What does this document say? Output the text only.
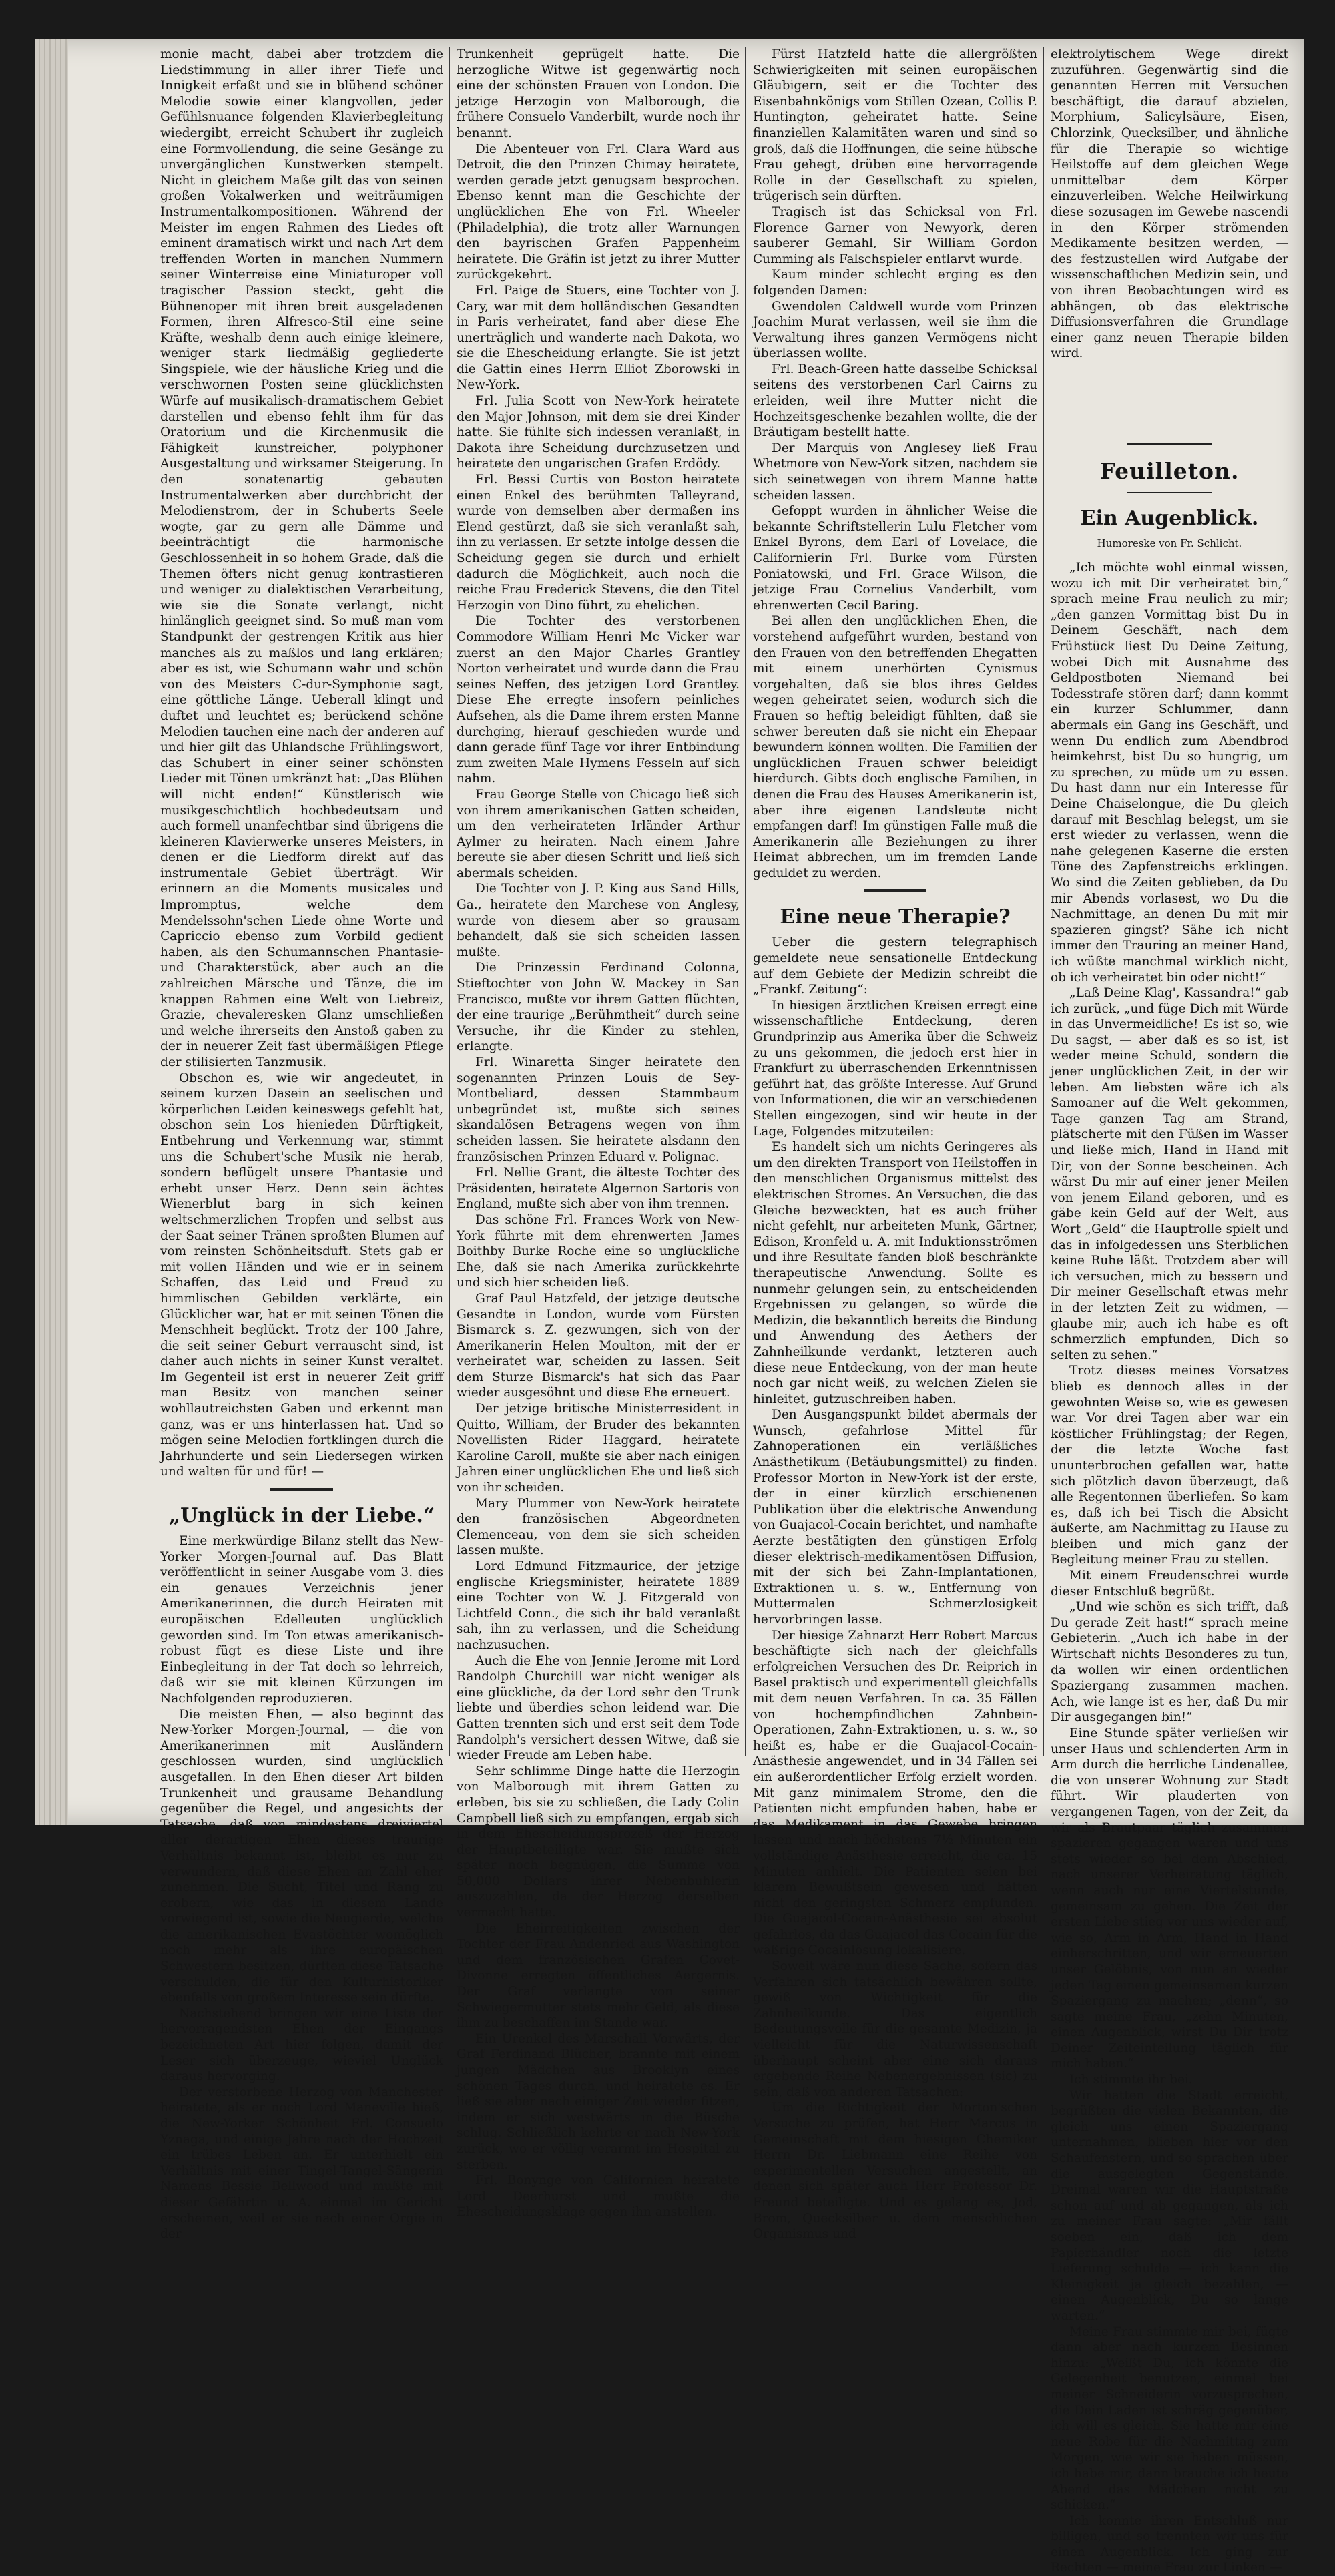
monie macht, dabei aber trotzdem die Liedstimmung in aller ihrer Tiefe und Innigkeit erfaßt und sie in blühend schöner Melodie sowie einer klangvollen, jeder Gefühlsnuance folgenden Klavierbegleitung wiedergibt, erreicht Schubert ihr zugleich eine Formvollendung, die seine Gesänge zu unvergänglichen Kunstwerken stempelt. Nicht in gleichem Maße gilt das von seinen großen Vokalwerken und weiträumigen Instrumentalkompositionen. Während der Meister im engen Rahmen des Liedes oft eminent dramatisch wirkt und nach Art dem treffenden Worten in manchen Nummern seiner Winterreise eine Miniaturoper voll tragischer Passion steckt, geht die Bühnenoper mit ihren breit ausgeladenen Formen, ihren Alfresco-Stil eine seine Kräfte, weshalb denn auch einige kleinere, weniger stark liedmäßig gegliederte Singspiele, wie der häusliche Krieg und die verschwornen Posten seine glücklichsten Würfe auf musikalisch-dramatischem Gebiet darstellen und ebenso fehlt ihm für das Oratorium und die Kirchenmusik die Fähigkeit kunstreicher, polyphoner Ausgestaltung und wirksamer Steigerung. In den sonatenartig gebauten Instrumentalwerken aber durchbricht der Melodienstrom, der in Schuberts Seele wogte, gar zu gern alle Dämme und beeinträchtigt die harmonische Geschlossenheit in so hohem Grade, daß die Themen öfters nicht genug kontrastieren und weniger zu dialektischen Verarbeitung, wie sie die Sonate verlangt, nicht hinlänglich geeignet sind. So muß man vom Standpunkt der gestrengen Kritik aus hier manches als zu maßlos und lang erklären; aber es ist, wie Schumann wahr und schön von des Meisters C-dur-Symphonie sagt, eine göttliche Länge. Ueberall klingt und duftet und leuchtet es; berückend schöne Melodien tauchen eine nach der anderen auf und hier gilt das Uhlandsche Frühlingswort, das Schubert in einer seiner schönsten Lieder mit Tönen umkränzt hat: „Das Blühen will nicht enden!“ Künstlerisch wie musikgeschichtlich hochbedeutsam und auch formell unanfechtbar sind übrigens die kleineren Klavierwerke unseres Meisters, in denen er die Liedform direkt auf das instrumentale Gebiet überträgt. Wir erinnern an die Moments musicales und Impromptus, welche dem Mendelssohn'schen Liede ohne Worte und Capriccio ebenso zum Vorbild gedient haben, als den Schumannschen Phantasie- und Charakterstück, aber auch an die zahlreichen Märsche und Tänze, die im knappen Rahmen eine Welt von Liebreiz, Grazie, chevaleresken Glanz umschließen und welche ihrerseits den Anstoß gaben zu der in neuerer Zeit fast übermäßigen Pflege der stilisierten Tanzmusik.

Obschon es, wie wir angedeutet, in seinem kurzen Dasein an seelischen und körperlichen Leiden keineswegs gefehlt hat, obschon sein Los hienieden Dürftigkeit, Entbehrung und Verkennung war, stimmt uns die Schubert'sche Musik nie herab, sondern beflügelt unsere Phantasie und erhebt unser Herz. Denn sein ächtes Wienerblut barg in sich keinen weltschmerzlichen Tropfen und selbst aus der Saat seiner Tränen sproßten Blumen auf vom reinsten Schönheitsduft. Stets gab er mit vollen Händen und wie er in seinem Schaffen, das Leid und Freud zu himmlischen Gebilden verklärte, ein Glücklicher war, hat er mit seinen Tönen die Menschheit beglückt. Trotz der 100 Jahre, die seit seiner Geburt verrauscht sind, ist daher auch nichts in seiner Kunst veraltet. Im Gegenteil ist erst in neuerer Zeit griff man Besitz von manchen seiner wohllautreichsten Gaben und erkennt man ganz, was er uns hinterlassen hat. Und so mögen seine Melodien fortklingen durch die Jahrhunderte und sein Liedersegen wirken und walten für und für! —

„Unglück in der Liebe.“

Eine merkwürdige Bilanz stellt das New-Yorker Morgen-Journal auf. Das Blatt veröffentlicht in seiner Ausgabe vom 3. dies ein genaues Verzeichnis jener Amerikanerinnen, die durch Heiraten mit europäischen Edelleuten unglücklich geworden sind. Im Ton etwas amerikanisch-robust fügt es diese Liste und ihre Einbegleitung in der Tat doch so lehrreich, daß wir sie mit kleinen Kürzungen im Nachfolgenden reproduzieren.

Die meisten Ehen, — also beginnt das New-Yorker Morgen-Journal, — die von Amerikanerinnen mit Ausländern geschlossen wurden, sind unglücklich ausgefallen. In den Ehen dieser Art bilden Trunkenheit und grausame Behandlung gegenüber die Regel, und angesichts der Tatsache, daß von mindestens dreiviertel aller derartigen Ehen dieses traurige Verhältnis bekannt ist, bleibt es nur zu verwundern, daß diese Ehen an Zahl eher zunehmen. Die Sucht, Titel und Rang zu erobern, wie das in diesem Lande vorwiegend ist, sowie die Neugierde, welche die amerikanischen Evastöchter womöglich noch mehr als ihre europäischen Schwestern besitzen, dürften diese Tatsache verschulden, die für den Kulturhistoriker ebenfalls von großem Interesse sein dürfte.

Nachstehend bringen wir eine Liste der hervorragendsten Ehen der Eingangs bezeichneten Art hier folgen, damit der Leser sich überzeuge, wieviel Unglück daraus hervorging.

Der verstorbene Herzog von Manchester heiratete, als er noch Lord Maneville hieß, die New-Yorker Schönheit Frl. Consuelo Yznaga, und einige Jahre nach der Hochzeit ein trübes Leben an. Er unterhielt ein Verhältnis mit einer Tingel-Tangel-Sängerin Namens Bessie Bellwood und mußte mit dieser Gefährtin u. A. einmal im Gericht erscheinen, weil er sie nach einer Orgie in der

Trunkenheit geprügelt hatte. Die herzogliche Witwe ist gegenwärtig noch eine der schönsten Frauen von London. Die jetzige Herzogin von Malborough, die frühere Consuelo Vanderbilt, wurde noch ihr benannt.

Die Abenteuer von Frl. Clara Ward aus Detroit, die den Prinzen Chimay heiratete, werden gerade jetzt genugsam besprochen. Ebenso kennt man die Geschichte der unglücklichen Ehe von Frl. Wheeler (Philadelphia), die trotz aller Warnungen den bayrischen Grafen Pappenheim heiratete. Die Gräfin ist jetzt zu ihrer Mutter zurückgekehrt.

Frl. Paige de Stuers, eine Tochter von J. Cary, war mit dem holländischen Gesandten in Paris verheiratet, fand aber diese Ehe unerträglich und wanderte nach Dakota, wo sie die Ehescheidung erlangte. Sie ist jetzt die Gattin eines Herrn Elliot Zborowski in New-York.

Frl. Julia Scott von New-York heiratete den Major Johnson, mit dem sie drei Kinder hatte. Sie fühlte sich indessen veranlaßt, in Dakota ihre Scheidung durchzusetzen und heiratete den ungarischen Grafen Erdödy.

Frl. Bessi Curtis von Boston heiratete einen Enkel des berühmten Talleyrand, wurde von demselben aber dermaßen ins Elend gestürzt, daß sie sich veranlaßt sah, ihn zu verlassen. Er setzte infolge dessen die Scheidung gegen sie durch und erhielt dadurch die Möglichkeit, auch noch die reiche Frau Frederick Stevens, die den Titel Herzogin von Dino führt, zu ehelichen.

Die Tochter des verstorbenen Commodore William Henri Mc Vicker war zuerst an den Major Charles Grantley Norton verheiratet und wurde dann die Frau seines Neffen, des jetzigen Lord Grantley. Diese Ehe erregte insofern peinliches Aufsehen, als die Dame ihrem ersten Manne durchging, hierauf geschieden wurde und dann gerade fünf Tage vor ihrer Entbindung zum zweiten Male Hymens Fesseln auf sich nahm.

Frau George Stelle von Chicago ließ sich von ihrem amerikanischen Gatten scheiden, um den verheirateten Irländer Arthur Aylmer zu heiraten. Nach einem Jahre bereute sie aber diesen Schritt und ließ sich abermals scheiden.

Die Tochter von J. P. King aus Sand Hills, Ga., heiratete den Marchese von Anglesy, wurde von diesem aber so grausam behandelt, daß sie sich scheiden lassen mußte.

Die Prinzessin Ferdinand Colonna, Stieftochter von John W. Mackey in San Francisco, mußte vor ihrem Gatten flüchten, der eine traurige „Berühmtheit“ durch seine Versuche, ihr die Kinder zu stehlen, erlangte.

Frl. Winaretta Singer heiratete den sogenannten Prinzen Louis de Sey-Montbeliard, dessen Stammbaum unbegründet ist, mußte sich seines skandalösen Betragens wegen von ihm scheiden lassen. Sie heiratete alsdann den französischen Prinzen Eduard v. Polignac.

Frl. Nellie Grant, die älteste Tochter des Präsidenten, heiratete Algernon Sartoris von England, mußte sich aber von ihm trennen.

Das schöne Frl. Frances Work von New-York führte mit dem ehrenwerten James Boithby Burke Roche eine so unglückliche Ehe, daß sie nach Amerika zurückkehrte und sich hier scheiden ließ.

Graf Paul Hatzfeld, der jetzige deutsche Gesandte in London, wurde vom Fürsten Bismarck s. Z. gezwungen, sich von der Amerikanerin Helen Moulton, mit der er verheiratet war, scheiden zu lassen. Seit dem Sturze Bismarck's hat sich das Paar wieder ausgesöhnt und diese Ehe erneuert.

Der jetzige britische Ministerresident in Quitto, William, der Bruder des bekannten Novellisten Rider Haggard, heiratete Karoline Caroll, mußte sie aber nach einigen Jahren einer unglücklichen Ehe und ließ sich von ihr scheiden.

Mary Plummer von New-York heiratete den französischen Abgeordneten Clemenceau, von dem sie sich scheiden lassen mußte.

Lord Edmund Fitzmaurice, der jetzige englische Kriegsminister, heiratete 1889 eine Tochter von W. J. Fitzgerald von Lichtfeld Conn., die sich ihr bald veranlaßt sah, ihn zu verlassen, und die Scheidung nachzusuchen.

Auch die Ehe von Jennie Jerome mit Lord Randolph Churchill war nicht weniger als eine glückliche, da der Lord sehr den Trunk liebte und überdies schon leidend war. Die Gatten trennten sich und erst seit dem Tode Randolph's versichert dessen Witwe, daß sie wieder Freude am Leben habe.

Sehr schlimme Dinge hatte die Herzogin von Malborough mit ihrem Gatten zu erleben, bis sie zu schließen, die Lady Colin Campbell ließ sich zu empfangen, ergab sich in dem Ehescheidungsprozeß der Herzog der Hauptbeteiligte war. Sie mußte sich später noch begnügen, die Summe von 50,000 Dollars ihrer Nebenbuhlerin auszuzahlen, da der Herzog derselben vermacht hatte.

Die Eheirreitigkeiten zwischen der Tochter der Frau Andenried aus Washington und dem französischen Grafen Covet-Divonne erregten öffentliches Aergernis. Der Graf verlangte von seiner Schwiegermutter stets mehr Geld, als diese ihm zu beschaffen im Stande war.

Ein Urenkel des Marschall Vorwärts, der Graf Ferdinand Blücher, brannte mit einem jungen Mädchen aus Brooklyn eines schönen Tages durch, und heiratete es. Er ließ sie aber nach einiger Zeit wieder fitzen, indem er sich westwärts in die Büsche schlug. Schließlich kehrte er nach New-York zurück, wo er völlig verarmt im Hospital zu sterben.

Frl. Bonynge von Californien heiratete Lord Deerhurst und mußte die Ehescheidungsklage gegen ihn anstellen.

Fürst Hatzfeld hatte die allergrößten Schwierigkeiten mit seinen europäischen Gläubigern, seit er die Tochter des Eisenbahnkönigs vom Stillen Ozean, Collis P. Huntington, geheiratet hatte. Seine finanziellen Kalamitäten waren und sind so groß, daß die Hoffnungen, die seine hübsche Frau gehegt, drüben eine hervorragende Rolle in der Gesellschaft zu spielen, trügerisch sein dürften.

Tragisch ist das Schicksal von Frl. Florence Garner von Newyork, deren sauberer Gemahl, Sir William Gordon Cumming als Falschspieler entlarvt wurde.

Kaum minder schlecht erging es den folgenden Damen:

Gwendolen Caldwell wurde vom Prinzen Joachim Murat verlassen, weil sie ihm die Verwaltung ihres ganzen Vermögens nicht überlassen wollte.

Frl. Beach-Green hatte dasselbe Schicksal seitens des verstorbenen Carl Cairns zu erleiden, weil ihre Mutter nicht die Hochzeitsgeschenke bezahlen wollte, die der Bräutigam bestellt hatte.

Der Marquis von Anglesey ließ Frau Whetmore von New-York sitzen, nachdem sie sich seinetwegen von ihrem Manne hatte scheiden lassen.

Gefoppt wurden in ähnlicher Weise die bekannte Schriftstellerin Lulu Fletcher vom Enkel Byrons, dem Earl of Lovelace, die Californierin Frl. Burke vom Fürsten Poniatowski, und Frl. Grace Wilson, die jetzige Frau Cornelius Vanderbilt, vom ehrenwerten Cecil Baring.

Bei allen den unglücklichen Ehen, die vorstehend aufgeführt wurden, bestand von den Frauen von den betreffenden Ehegatten mit einem unerhörten Cynismus vorgehalten, daß sie blos ihres Geldes wegen geheiratet seien, wodurch sich die Frauen so heftig beleidigt fühlten, daß sie schwer bereuten daß sie nicht ein Ehepaar bewundern können wollten. Die Familien der unglücklichen Frauen schwer beleidigt hierdurch. Gibts doch englische Familien, in denen die Frau des Hauses Amerikanerin ist, aber ihre eigenen Landsleute nicht empfangen darf! Im günstigen Falle muß die Amerikanerin alle Beziehungen zu ihrer Heimat abbrechen, um im fremden Lande geduldet zu werden.

Eine neue Therapie?

Ueber die gestern telegraphisch gemeldete neue sensationelle Entdeckung auf dem Gebiete der Medizin schreibt die „Frankf. Zeitung“:

In hiesigen ärztlichen Kreisen erregt eine wissenschaftliche Entdeckung, deren Grundprinzip aus Amerika über die Schweiz zu uns gekommen, die jedoch erst hier in Frankfurt zu überraschenden Erkenntnissen geführt hat, das größte Interesse. Auf Grund von Informationen, die wir an verschiedenen Stellen eingezogen, sind wir heute in der Lage, Folgendes mitzuteilen:

Es handelt sich um nichts Geringeres als um den direkten Transport von Heilstoffen in den menschlichen Organismus mittelst des elektrischen Stromes. An Versuchen, die das Gleiche bezweckten, hat es auch früher nicht gefehlt, nur arbeiteten Munk, Gärtner, Edison, Kronfeld u. A. mit Induktionsströmen und ihre Resultate fanden bloß beschränkte therapeutische Anwendung. Sollte es nunmehr gelungen sein, zu entscheidenden Ergebnissen zu gelangen, so würde die Medizin, die bekanntlich bereits die Bindung und Anwendung des Aethers der Zahnheilkunde verdankt, letzteren auch diese neue Entdeckung, von der man heute noch gar nicht weiß, zu welchen Zielen sie hinleitet, gutzuschreiben haben.

Den Ausgangspunkt bildet abermals der Wunsch, gefahrlose Mittel für Zahnoperationen ein verläßliches Anästhetikum (Betäubungsmittel) zu finden. Professor Morton in New-York ist der erste, der in einer kürzlich erschienenen Publikation über die elektrische Anwendung von Guajacol-Cocain berichtet, und namhafte Aerzte bestätigten den günstigen Erfolg dieser elektrisch-medikamentösen Diffusion, mit der sich bei Zahn-Implantationen, Extraktionen u. s. w., Entfernung von Muttermalen Schmerzlosigkeit hervorbringen lasse.

Der hiesige Zahnarzt Herr Robert Marcus beschäftigte sich nach der gleichfalls erfolgreichen Versuchen des Dr. Reiprich in Basel praktisch und experimentell gleichfalls mit dem neuen Verfahren. In ca. 35 Fällen von hochempfindlichen Zahnbein-Operationen, Zahn-Extraktionen, u. s. w., so heißt es, habe er die Guajacol-Cocain-Anästhesie angewendet, und in 34 Fällen sei ein außerordentlicher Erfolg erzielt worden. Mit ganz minimalem Strome, den die Patienten nicht empfunden haben, habe er das Medikament in das Gewebe bringen lassen und nach höchstens 7½ Minuten ein vollständige Anästhesie erreicht, die ca. 15 Minuten anhielt. Die Patienten seien bei klarem Bewußtsein gewesen und hätten nicht den geringsten Schmerz empfunden. Die Guajacol-Cocain-Anästhesie sei absolut gefahrlos, da das Guajacol das Cocain für die wäßrige Cocainlösung lokalisiere.

Soweit wäre nun diese Sache, sofern das Verfahren sich tatsächlich bewähren sollte, gewiß von Wichtigkeit für die Zahnheilkunde. Das eigentlich Bedeutungsvolle für die gesamte Medizin, ja vielleicht für die Naturwissenschaft überhaupt scheint aber eine sich daraus ergebende Reihe Nebenergebnissen (sic) zu sein, daß von anderen Tatsachen:

Um die Richtigkeit der Morton'schen Versuche zu prüfen, hat Herr Marcus in Gemeinschaft mit dem hiesigen Chemiker Herrn Dr. Liebmann eine Reihe von experimentellen Versuchen angestellt, an denen sich später auch Herr Professor Dr. Freund beteiligte. Und es gelang es, Jod, Brom, Quecksilber u. dem menschlichen Organismus und

elektrolytischem Wege direkt zuzuführen. Gegenwärtig sind die genannten Herren mit Versuchen beschäftigt, die darauf abzielen, Morphium, Salicylsäure, Eisen, Chlorzink, Quecksilber, und ähnliche für die Therapie so wichtige Heilstoffe auf dem gleichen Wege unmittelbar dem Körper einzuverleiben. Welche Heilwirkung diese sozusagen im Gewebe nascendi in den Körper strömenden Medikamente besitzen werden, — des festzustellen wird Aufgabe der wissenschaftlichen Medizin sein, und von ihren Beobachtungen wird es abhängen, ob das elektrische Diffusionsverfahren die Grundlage einer ganz neuen Therapie bilden wird.

Feuilleton.
Ein Augenblick.
Humoreske von Fr. Schlicht.

„Ich möchte wohl einmal wissen, wozu ich mit Dir verheiratet bin,“ sprach meine Frau neulich zu mir; „den ganzen Vormittag bist Du in Deinem Geschäft, nach dem Frühstück liest Du Deine Zeitung, wobei Dich mit Ausnahme des Geldpostboten Niemand bei Todesstrafe stören darf; dann kommt ein kurzer Schlummer, dann abermals ein Gang ins Geschäft, und wenn Du endlich zum Abendbrod heimkehrst, bist Du so hungrig, um zu sprechen, zu müde um zu essen. Du hast dann nur ein Interesse für Deine Chaiselongue, die Du gleich darauf mit Beschlag belegst, um sie erst wieder zu verlassen, wenn die nahe gelegenen Kaserne die ersten Töne des Zapfenstreichs erklingen. Wo sind die Zeiten geblieben, da Du mir Abends vorlasest, wo Du die Nachmittage, an denen Du mit mir spazieren gingst? Sähe ich nicht immer den Trauring an meiner Hand, ich wüßte manchmal wirklich nicht, ob ich verheiratet bin oder nicht!“

„Laß Deine Klag', Kassandra!“ gab ich zurück, „und füge Dich mit Würde in das Unvermeidliche! Es ist so, wie Du sagst, — aber daß es so ist, ist weder meine Schuld, sondern die jener unglücklichen Zeit, in der wir leben. Am liebsten wäre ich als Samoaner auf die Welt gekommen, Tage ganzen Tag am Strand, plätscherte mit den Füßen im Wasser und ließe mich, Hand in Hand mit Dir, von der Sonne bescheinen. Ach wärst Du mir auf einer jener Meilen von jenem Eiland geboren, und es gäbe kein Geld auf der Welt, aus Wort „Geld“ die Hauptrolle spielt und das in infolgedessen uns Sterblichen keine Ruhe läßt. Trotzdem aber will ich versuchen, mich zu bessern und Dir meiner Gesellschaft etwas mehr in der letzten Zeit zu widmen, — glaube mir, auch ich habe es oft schmerzlich empfunden, Dich so selten zu sehen.“

Trotz dieses meines Vorsatzes blieb es dennoch alles in der gewohnten Weise so, wie es gewesen war. Vor drei Tagen aber war ein köstlicher Frühlingstag; der Regen, der die letzte Woche fast ununterbrochen gefallen war, hatte sich plötzlich davon überzeugt, daß alle Regentonnen überliefen. So kam es, daß ich bei Tisch die Absicht äußerte, am Nachmittag zu Hause zu bleiben und mich ganz der Begleitung meiner Frau zu stellen.

Mit einem Freudenschrei wurde dieser Entschluß begrüßt.

„Und wie schön es sich trifft, daß Du gerade Zeit hast!“ sprach meine Gebieterin. „Auch ich habe in der Wirtschaft nichts Besonderes zu tun, da wollen wir einen ordentlichen Spaziergang zusammen machen. Ach, wie lange ist es her, daß Du mir Dir ausgegangen bin!“

Eine Stunde später verließen wir unser Haus und schlenderten Arm in Arm durch die herrliche Lindenallee, die von unserer Wohnung zur Stadt führt. Wir plauderten von vergangenen Tagen, von der Zeit, da wir als Brautpaar täglich zusammen spazieren gegangen waren und uns stets wieder so bei dem Abschied, nach unserer Verheiratung täglich, wenn auch nur eine Viertelstunde, gemeinsam zu gehen. Die Zeit der ersten Liebe stieg vor uns wieder auf, wie so, Arm in Arm, Hand in Hand einherschritten, und wir erneuerten unser Gelöbnis, von nun an wieder jeden Tag einen gemeinsamen kurzen Spaziergang zu machen; „denn“, so sagte meine Frau, „zehn Minuten, einen Augenblick, wirst Du Dir trotz Deiner Zeiteinteilung täglich für mich haben.“

Ich stimmte ihr bei.

Wir hatten die Stadt erreicht, begrüßten die vielen Bekannten, die gleich uns einen Spaziergang unternahmen, blieben hier vor den Schaufenstern, und so sprachen über die ausgelegten Gegenstände. Dreimal waren wir die Hauptstraße schon auf und ab gegangen, als ich zu meiner Frau sagte: „Mir fällt soeben ein, daß ich dem Papierhändler noch die letzte Lieferung schulde — ich kann die Kleinigkeit ja gleich bezahlen, — einen Augenblick, Du so lange warten.“

Meine Frau stimmte mir bei, fügte dann aber nach kurzem Besinnen hinzu: „Weißt Du, ich könnte die Gelegenheit benutzen, einmal bei meiner Schneiderin vorzusprechen, die Dein Laden ist schräg gegenüber, ich will es gleich. Sie hatte mir eine neue Robe für die Nachmittag zum Morgen, wie wir sie haben müssen, ich habe mir, dann brauche ich heute Abend das Mädchen nicht zu schicken.“

Ich konnte ihren Entschluß nur billigen, und so trennten wir uns für einen Augenblick. Ich ging zur Rechten — meine Frau zur Linken —
